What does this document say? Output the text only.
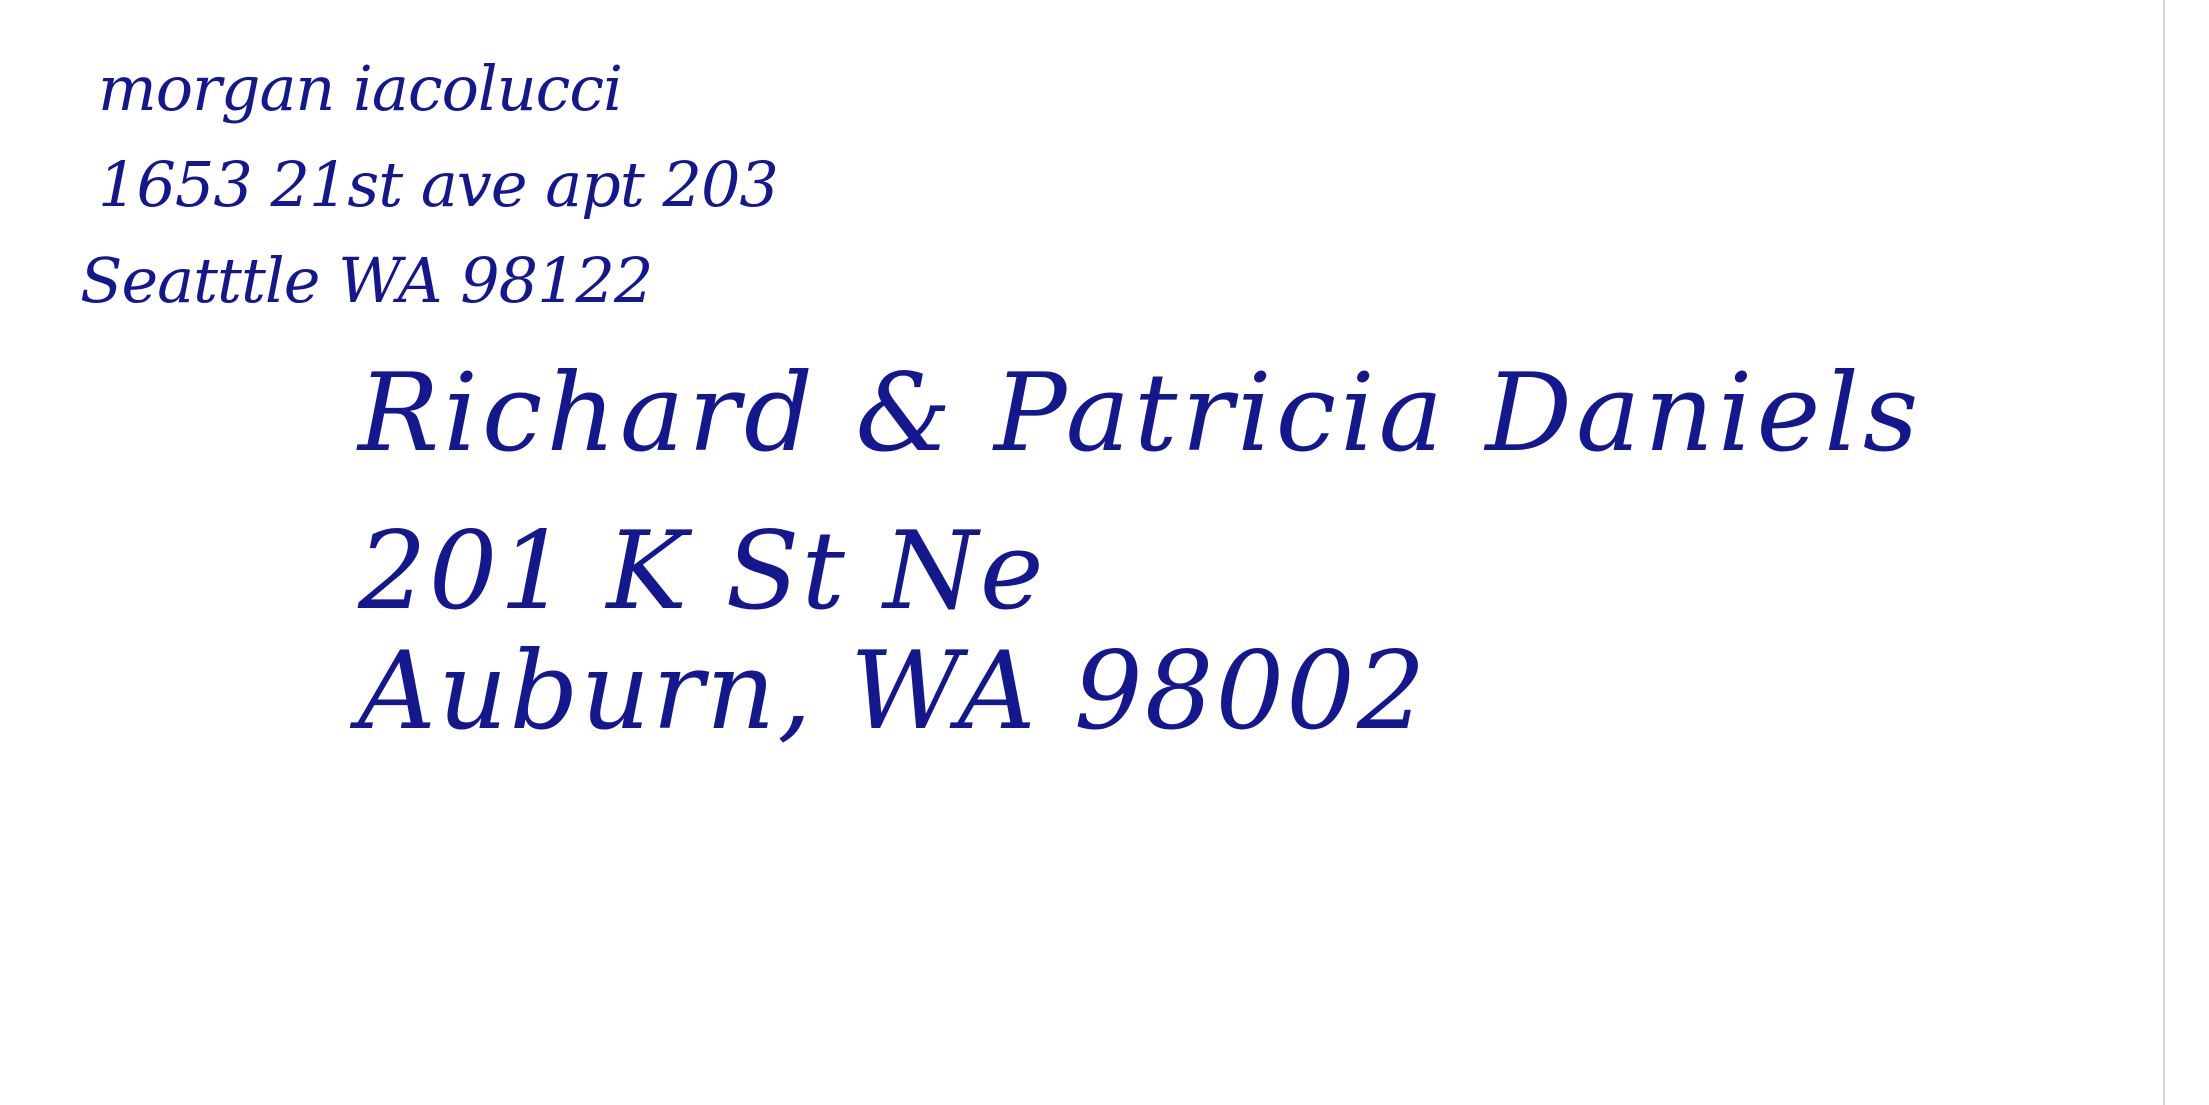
morgan iacolucci

1653 21st ave apt 203

Seatttle WA 98122

Richard & Patricia Daniels

201 K St Ne

Auburn, WA 98002
